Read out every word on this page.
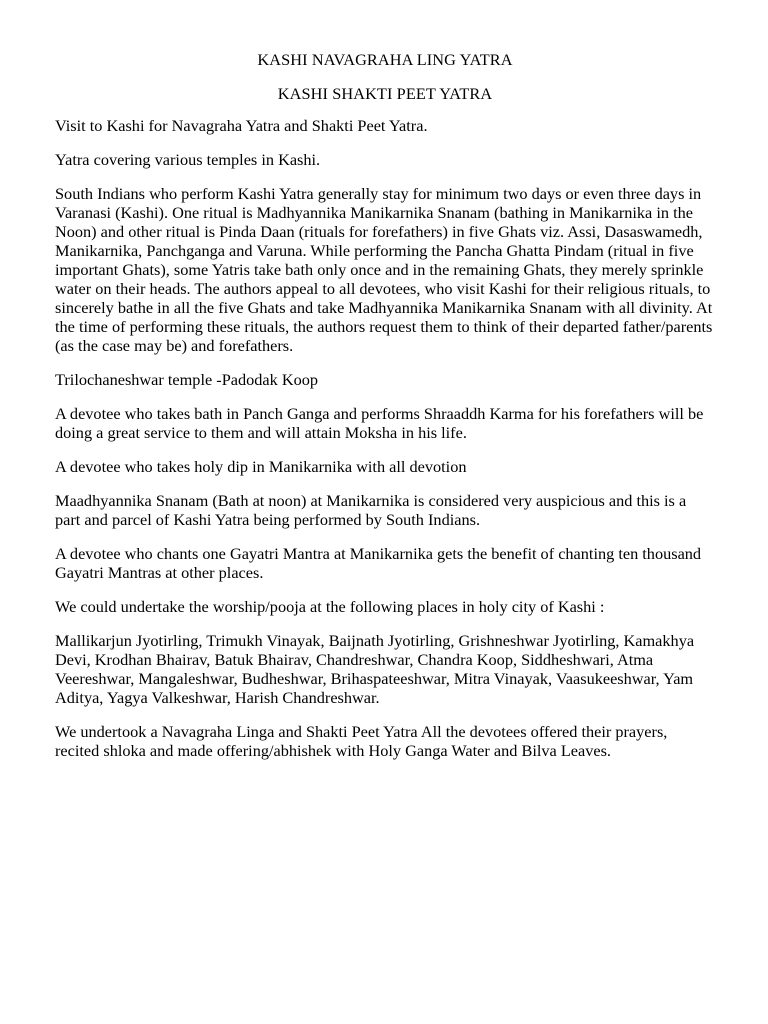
KASHI NAVAGRAHA LING YATRA
KASHI SHAKTI PEET YATRA

Visit to Kashi for Navagraha Yatra and Shakti Peet Yatra.

Yatra covering various temples in Kashi.

South Indians who perform Kashi Yatra generally stay for minimum two days or even three days in Varanasi (Kashi). One ritual is Madhyannika Manikarnika Snanam (bathing in Manikarnika in the Noon) and other ritual is Pinda Daan (rituals for forefathers) in five Ghats viz. Assi, Dasaswamedh, Manikarnika, Panchganga and Varuna. While performing the Pancha Ghatta Pindam (ritual in five important Ghats), some Yatris take bath only once and in the remaining Ghats, they merely sprinkle water on their heads. The authors appeal to all devotees, who visit Kashi for their religious rituals, to sincerely bathe in all the five Ghats and take Madhyannika Manikarnika Snanam with all divinity. At the time of performing these rituals, the authors request them to think of their departed father/parents (as the case may be) and forefathers.

Trilochaneshwar temple -Padodak Koop

A devotee who takes bath in Panch Ganga and performs Shraaddh Karma for his forefathers will be doing a great service to them and will attain Moksha in his life.

A devotee who takes holy dip in Manikarnika with all devotion

Maadhyannika Snanam (Bath at noon) at Manikarnika is considered very auspicious and this is a part and parcel of Kashi Yatra being performed by South Indians.

A devotee who chants one Gayatri Mantra at Manikarnika gets the benefit of chanting ten thousand Gayatri Mantras at other places.

We could undertake the worship/pooja at the following places in holy city of Kashi :

Mallikarjun Jyotirling, Trimukh Vinayak, Baijnath Jyotirling, Grishneshwar Jyotirling, Kamakhya Devi, Krodhan Bhairav, Batuk Bhairav, Chandreshwar, Chandra Koop, Siddheshwari, Atma Veereshwar, Mangaleshwar, Budheshwar, Brihaspateeshwar, Mitra Vinayak, Vaasukeeshwar, Yam Aditya, Yagya Valkeshwar, Harish Chandreshwar.

We undertook a Navagraha Linga and Shakti Peet Yatra All the devotees offered their prayers, recited shloka and made offering/abhishek with Holy Ganga Water and Bilva Leaves.
